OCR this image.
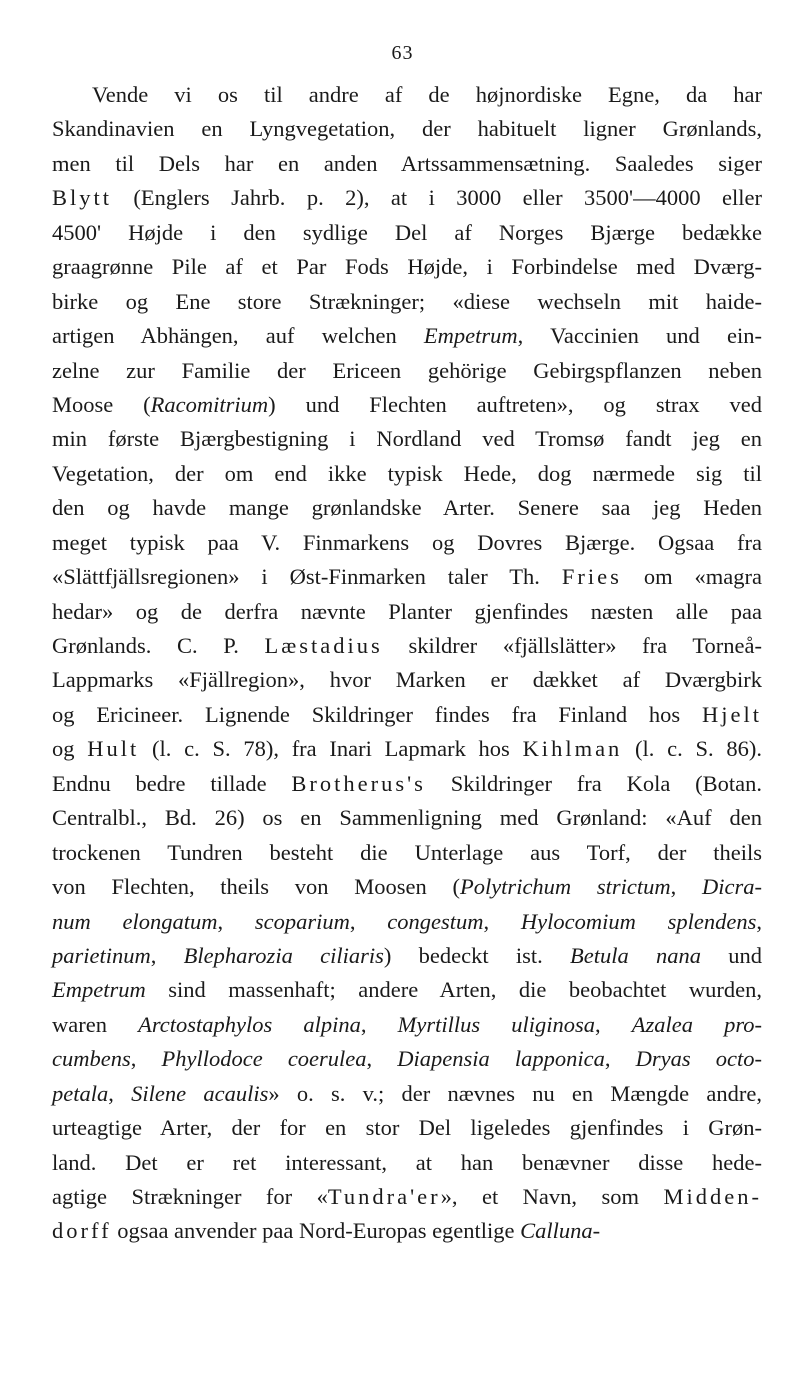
63
Vende vi os til andre af de højnordiske Egne, da har
Skandinavien en Lyngvegetation, der habituelt ligner Grønlands,
men til Dels har en anden Artssammensætning. Saaledes siger
Blytt (Englers Jahrb. p. 2), at i 3000 eller 3500'—4000 eller
4500' Højde i den sydlige Del af Norges Bjærge bedække
graagrønne Pile af et Par Fods Højde, i Forbindelse med Dværg-
birke og Ene store Strækninger; «diese wechseln mit haide-
artigen Abhängen, auf welchen Empetrum, Vaccinien und ein-
zelne zur Familie der Ericeen gehörige Gebirgspflanzen neben
Moose (Racomitrium) und Flechten auftreten», og strax ved
min første Bjærgbestigning i Nordland ved Tromsø fandt jeg en
Vegetation, der om end ikke typisk Hede, dog nærmede sig til
den og havde mange grønlandske Arter. Senere saa jeg Heden
meget typisk paa V. Finmarkens og Dovres Bjærge. Ogsaa fra
«Slättfjällsregionen» i Øst-Finmarken taler Th. Fries om «magra
hedar» og de derfra nævnte Planter gjenfindes næsten alle paa
Grønlands. C. P. Læstadius skildrer «fjällslätter» fra Torneå-
Lappmarks «Fjällregion», hvor Marken er dækket af Dværgbirk
og Ericineer. Lignende Skildringer findes fra Finland hos Hjelt
og Hult (l. c. S. 78), fra Inari Lapmark hos Kihlman (l. c. S. 86).
Endnu bedre tillade Brotherus's Skildringer fra Kola (Botan.
Centralbl., Bd. 26) os en Sammenligning med Grønland: «Auf den
trockenen Tundren besteht die Unterlage aus Torf, der theils
von Flechten, theils von Moosen (Polytrichum strictum, Dicra-
num elongatum, scoparium, congestum, Hylocomium splendens,
parietinum, Blepharozia ciliaris) bedeckt ist. Betula nana und
Empetrum sind massenhaft; andere Arten, die beobachtet wurden,
waren Arctostaphylos alpina, Myrtillus uliginosa, Azalea pro-
cumbens, Phyllodoce coerulea, Diapensia lapponica, Dryas octo-
petala, Silene acaulis» o. s. v.; der nævnes nu en Mængde andre,
urteagtige Arter, der for en stor Del ligeledes gjenfindes i Grøn-
land. Det er ret interessant, at han benævner disse hede-
agtige Strækninger for «Tundra'er», et Navn, som Midden-
dorff ogsaa anvender paa Nord-Europas egentlige Calluna-
